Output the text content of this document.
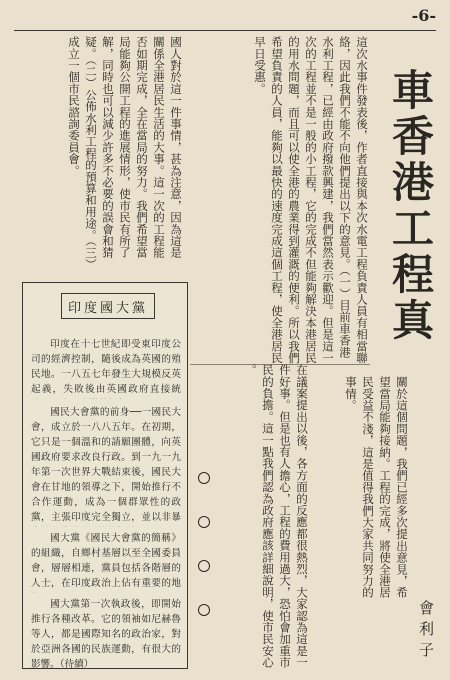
-6-
車香港工程真
這次水事件發表後，作者直接與本次水電工程負責人員有相當聯絡，因此我們不能不向他們提出以下的意見。（一）目前車香港水利工程，已經由政府撥款興建，我們當然表示歡迎。但是這一次的工程並不是一般的小工程，它的完成不但能夠解決本港居民的用水問題，而且可以使全港的農業得到灌溉的便利。所以我們希望負責的人員，能夠以最快的速度完成這個工程，使全港居民早日受惠。
國人對於這一件事情，甚為注意，因為這是關係全港居民生活的大事。這一次的工程能否如期完成，全在當局的努力。我們希望當局能夠公開工程的進展情形，使市民有所了解，同時也可以減少許多不必要的誤會和猜疑。（二）公佈水利工程的預算和用途。（三）成立一個市民諮詢委員會。
在議案提出以後，各方面的反應都很熱烈，大家認為這是一件好事。但是也有人擔心，工程的費用過大，恐怕會加重市民的負擔。這一點我們認為政府應該詳細說明，使市民安心。
關於這個問題，我們已經多次提出意見，希望當局能夠接納。工程的完成，將使全港居民受益不淺，這是值得我們大家共同努力的事情。
會利子
印度國大黨

印度在十七世紀即受東印度公司的經濟控制，隨後成為英國的殖民地。一八五七年發生大規模反英起義，失敗後由英國政府直接統

國民大會黨的前身──一國民大會，成立於一八八五年。在初期，它只是一個溫和的請願團體，向英國政府要求改良行政。到一九一九年第一次世界大戰結束後，國民大會在甘地的領導之下，開始推行不合作運動，成為一個群眾性的政黨，主張印度完全獨立，並以非暴

國大黨《國民大會黨的簡稱》的組織，自鄉村基層以至全國委員會，層層相連，黨員包括各階層的人士，在印度政治上佔有重要的地

國大黨第一次執政後，即開始推行各種改革。它的領袖如尼赫魯等人，都是國際知名的政治家，對於亞洲各國的民族運動，有很大的影響。（待續）
